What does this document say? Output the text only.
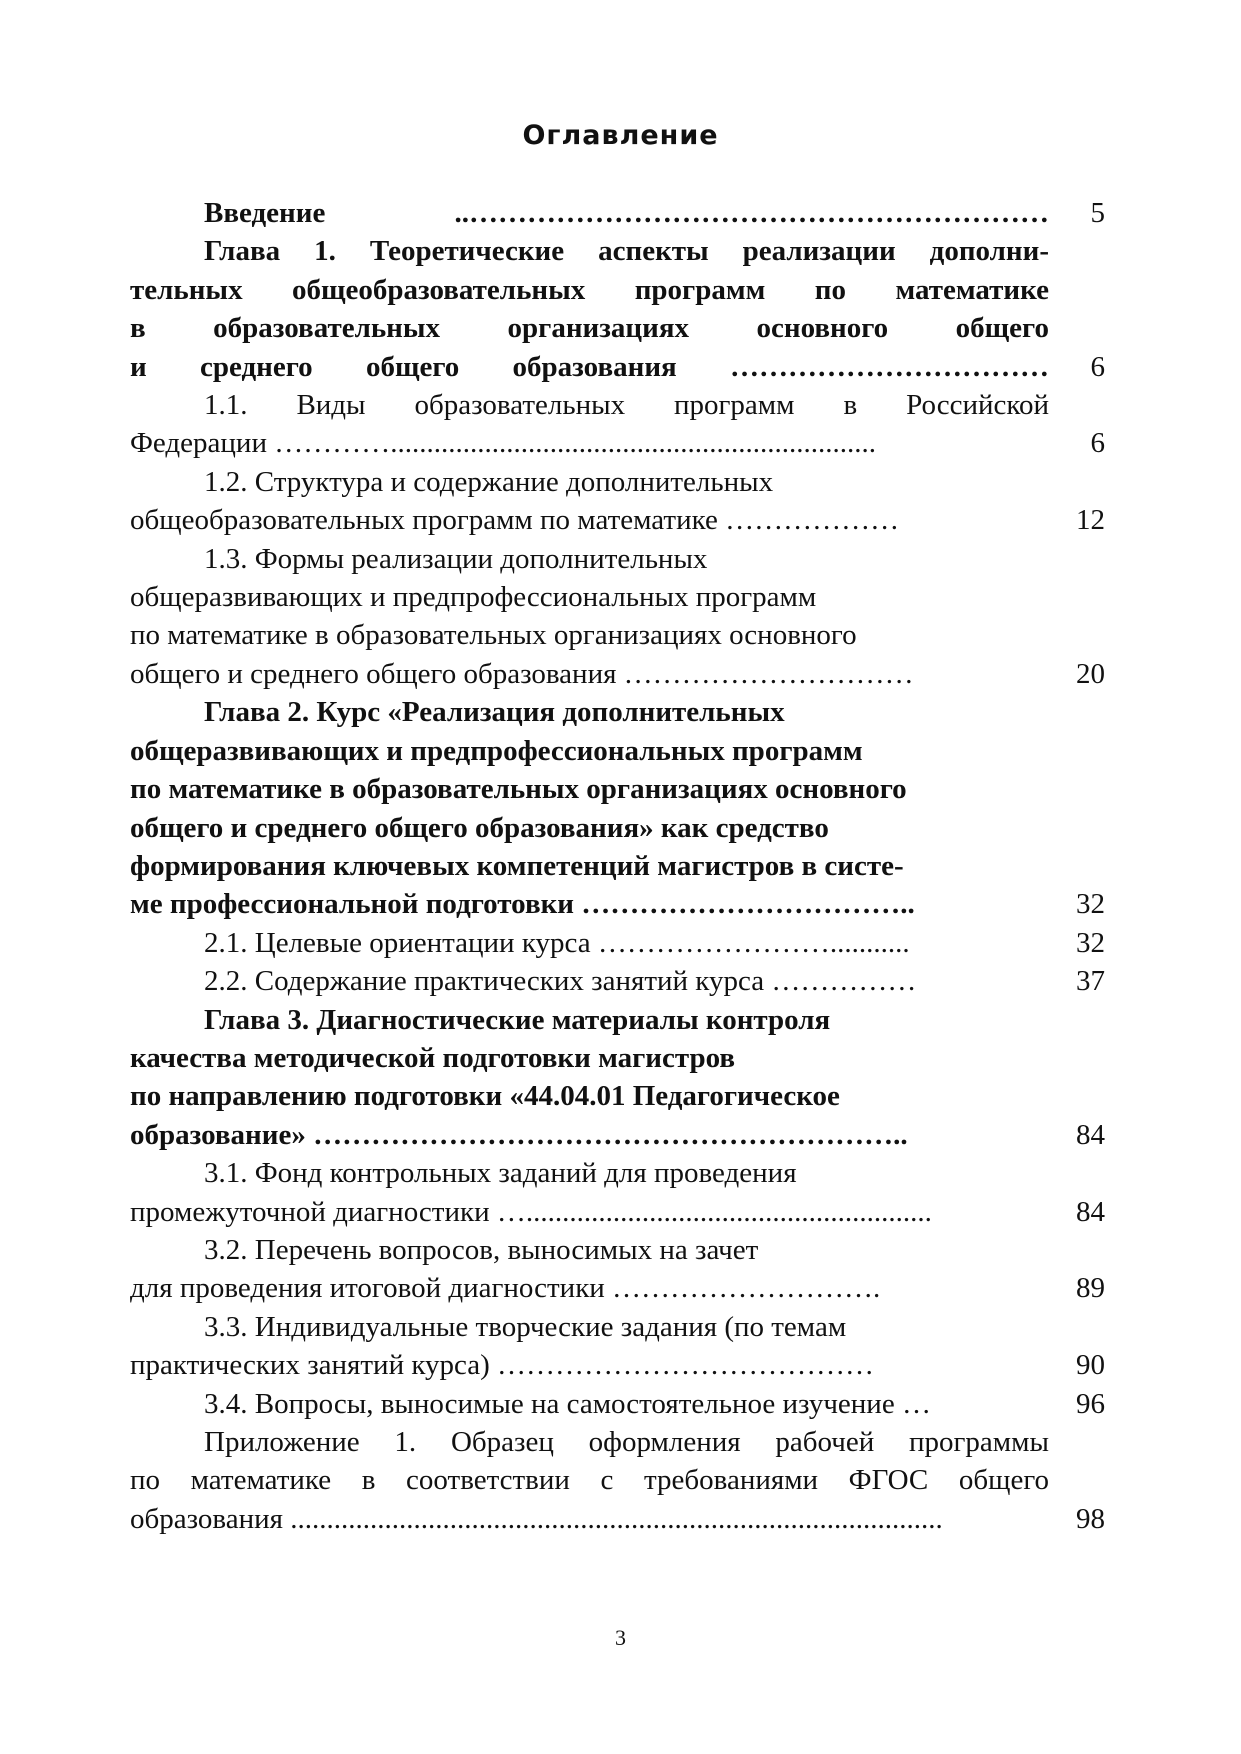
Оглавление
Введение ..……………………………………………………	5
Глава 1. Теоретические аспекты реализации дополни-
тельных общеобразовательных программ по математике
в образовательных организациях основного общего
и среднего общего образования ……………………………	6
1.1. Виды образовательных программ в Российской
Федерации …………...................................................................	6
1.2. Структура и содержание дополнительных
общеобразовательных программ по математике ………………	12
1.3. Формы реализации дополнительных
общеразвивающих и предпрофессиональных программ
по математике в образовательных организациях основного
общего и среднего общего образования …………………………	20
Глава 2. Курс «Реализация дополнительных
общеразвивающих и предпрофессиональных программ
по математике в образовательных организациях основного
общего и среднего общего образования» как средство
формирования ключевых компетенций магистров в систе-
ме профессиональной подготовки ……………………………..	32
2.1. Целевые ориентации курса ……………………...........	32
2.2. Содержание практических занятий курса ……………	37
Глава 3. Диагностические материалы контроля
качества методической подготовки магистров
по направлению подготовки «44.04.01 Педагогическое
образование» ……………………………………………………..	84
3.1. Фонд контрольных заданий для проведения
промежуточной диагностики …........................................................	84
3.2. Перечень вопросов, выносимых на зачет
для проведения итоговой диагностики ……………………….	89
3.3. Индивидуальные творческие задания (по темам
практических занятий курса) …………………………………	90
3.4. Вопросы, выносимые на самостоятельное изучение …	96
Приложение 1. Образец оформления рабочей программы
по математике в соответствии с требованиями ФГОС общего
образования ..........................................................................................	98
3
